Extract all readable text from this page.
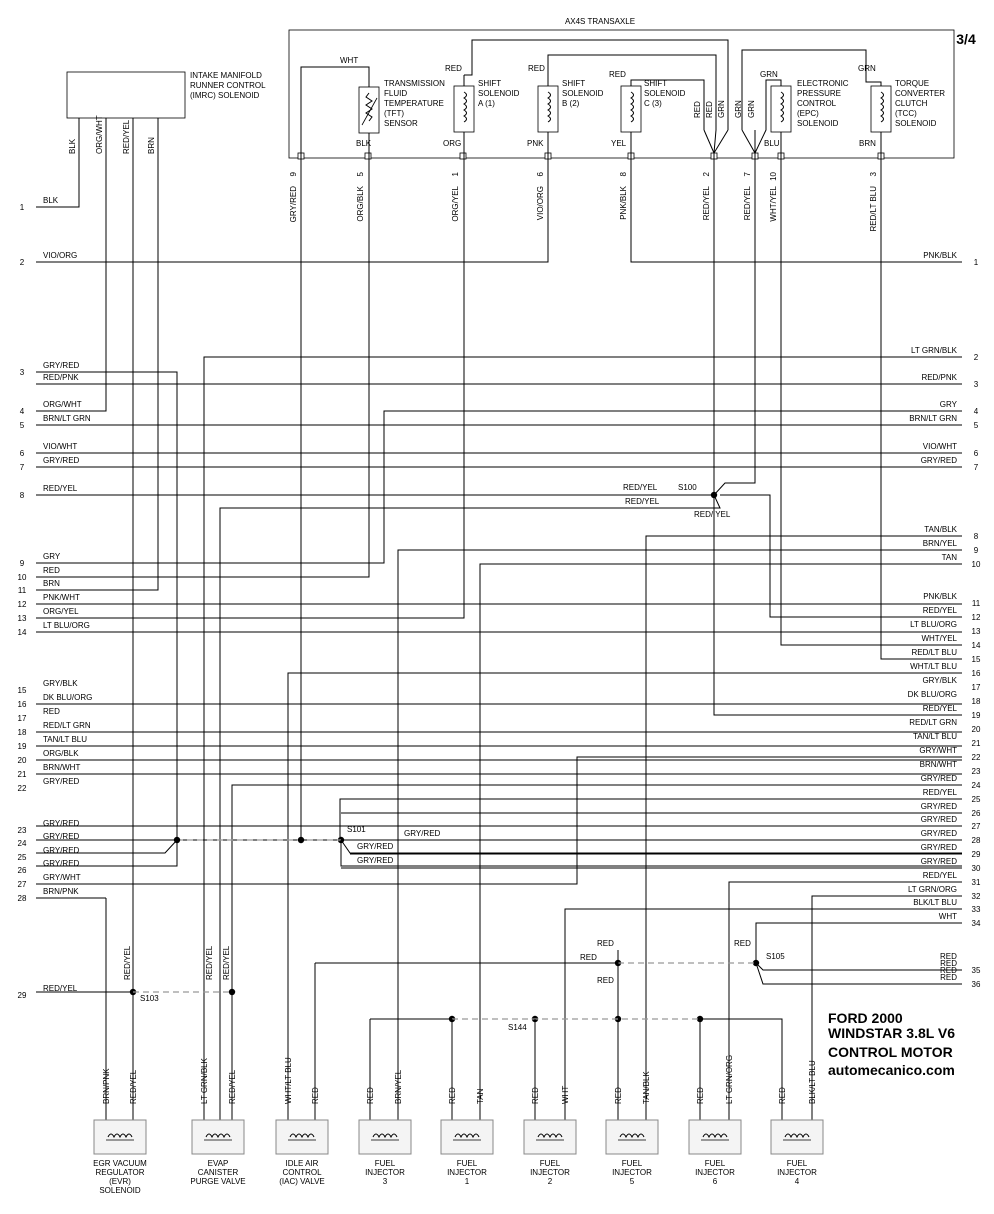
3/4
AX4S TRANSAXLE
9
GRY/RED
5
ORG/BLK
1
ORG/YEL
6
VIO/ORG
8
PNK/BLK
2
RED/YEL
7
RED/YEL
10
WHT/YEL
3
RED/LT BLU
TRANSMISSION
FLUID
TEMPERATURE
(TFT)
SENSOR
SHIFT
SOLENOID
A (1)
SHIFT
SOLENOID
B (2)
SHIFT
SOLENOID
C (3)
ELECTRONIC
PRESSURE
CONTROL
(EPC)
SOLENOID
TORQUE
CONVERTER
CLUTCH
(TCC)
SOLENOID
BLK	ORG	PNK	YEL	BLU	BRN
WHT
RED	RED
RED
RED RED GRN GRN GRN
GRN
GRN
INTAKE MANIFOLD
RUNNER CONTROL
(IMRC) SOLENOID
BLK ORG/WHT RED/YEL BRN
1
BLK
2
VIO/ORG
3
GRY/RED
RED/PNK
4
ORG/WHT
5
BRN/LT GRN
6
VIO/WHT
7
GRY/RED
8
RED/YEL
9
GRY
10
RED
11
BRN
12
PNK/WHT
13
ORG/YEL
14
LT BLU/ORG
15
GRY/BLK
16
DK BLU/ORG
17
RED
18
RED/LT GRN
19
TAN/LT BLU
20
ORG/BLK
21
BRN/WHT
22
GRY/RED
23
GRY/RED
24
GRY/RED
25
GRY/RED
26
GRY/RED
27
GRY/WHT
28
BRN/PNK
29
RED/YEL
1
PNK/BLK
2
LT GRN/BLK
3
RED/PNK
4
GRY
5
BRN/LT GRN
6
VIO/WHT
7
GRY/RED
8
TAN/BLK
9
BRN/YEL
10
TAN
11
PNK/BLK
12
RED/YEL
13
LT BLU/ORG
14
WHT/YEL
15
RED/LT BLU
16
WHT/LT BLU
17
GRY/BLK
18
DK BLU/ORG
19
RED/YEL
20
RED/LT GRN
21
TAN/LT BLU
22
GRY/WHT
23
BRN/WHT
24
GRY/RED
25
RED/YEL
26
GRY/RED
27
GRY/RED
28
GRY/RED
29
GRY/RED
30
GRY/RED
31
RED/YEL
32
LT GRN/ORG
33
BLK/LT BLU
34
WHT
35
RED
36
RED
S100
RED/YEL
RED/YEL
RED/ YEL
S101	GRY/RED
GRY/RED
GRY/RED
S103
RED/YEL	RED/YEL RED/YEL	S105
RED
RED
RED
RED
RED
RED
S144
EGR VACUUM
REGULATOR
(EVR)
SOLENOID
BRN/PNK RED/YEL
EVAP
CANISTER
PURGE VALVE
LT GRN/BLK RED/YEL
IDLE AIR
CONTROL
(IAC) VALVE
WHT/LT BLU RED
FUEL
INJECTOR
3
RED BRN/YEL
FUEL
INJECTOR
1
RED TAN
FUEL
INJECTOR
2
RED	WHT
FUEL
INJECTOR
5
RED TAN/BLK
FUEL
INJECTOR
6
RED	LT GRN/ORG
FUEL
INJECTOR
4
RED	BLK/LT BLU
FORD 2000
WINDSTAR 3.8L V6
CONTROL MOTOR
automecanico.com
